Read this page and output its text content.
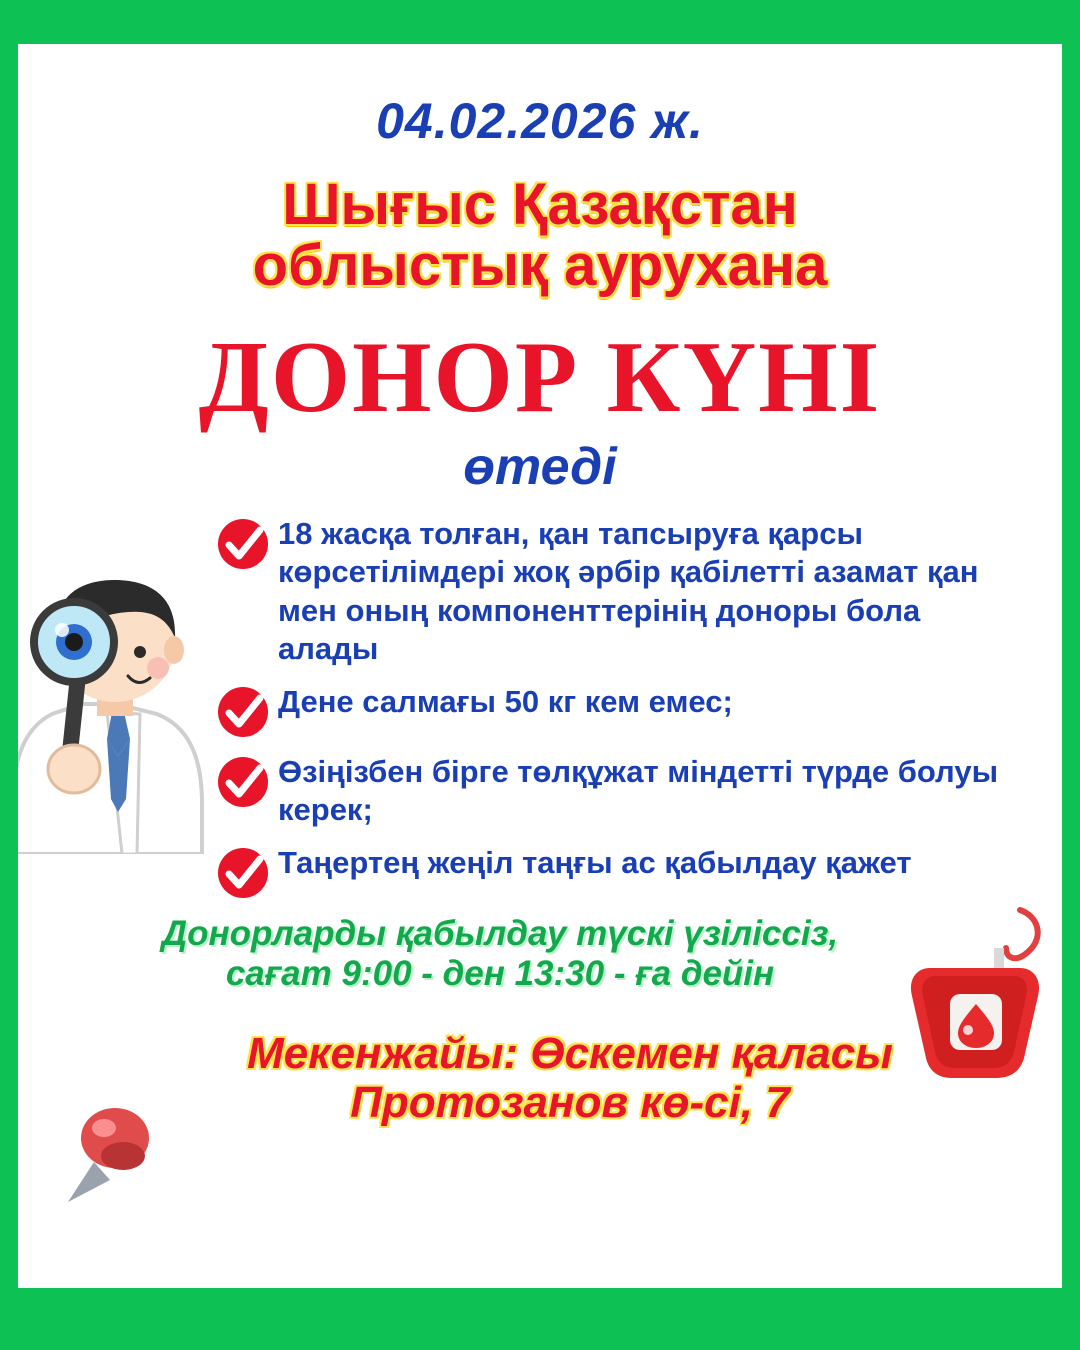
04.02.2026 ж.
Шығыс Қазақстан
облыстық аурухана
ДОНОР КҮНІ
өтеді
18 жасқа толған, қан тапсыруға қарсы көрсетілімдері жоқ әрбір қабілетті азамат қан мен оның компоненттерінің доноры бола алады
Дене салмағы 50 кг кем емес;
Өзіңізбен бірге төлқұжат міндетті түрде болуы керек;
Таңертең жеңіл таңғы ас қабылдау қажет
Донорларды қабылдау түскі үзіліссіз,
сағат 9:00 - ден 13:30 - ға дейін
Мекенжайы: Өскемен қаласы
Протозанов кө-сі, 7
